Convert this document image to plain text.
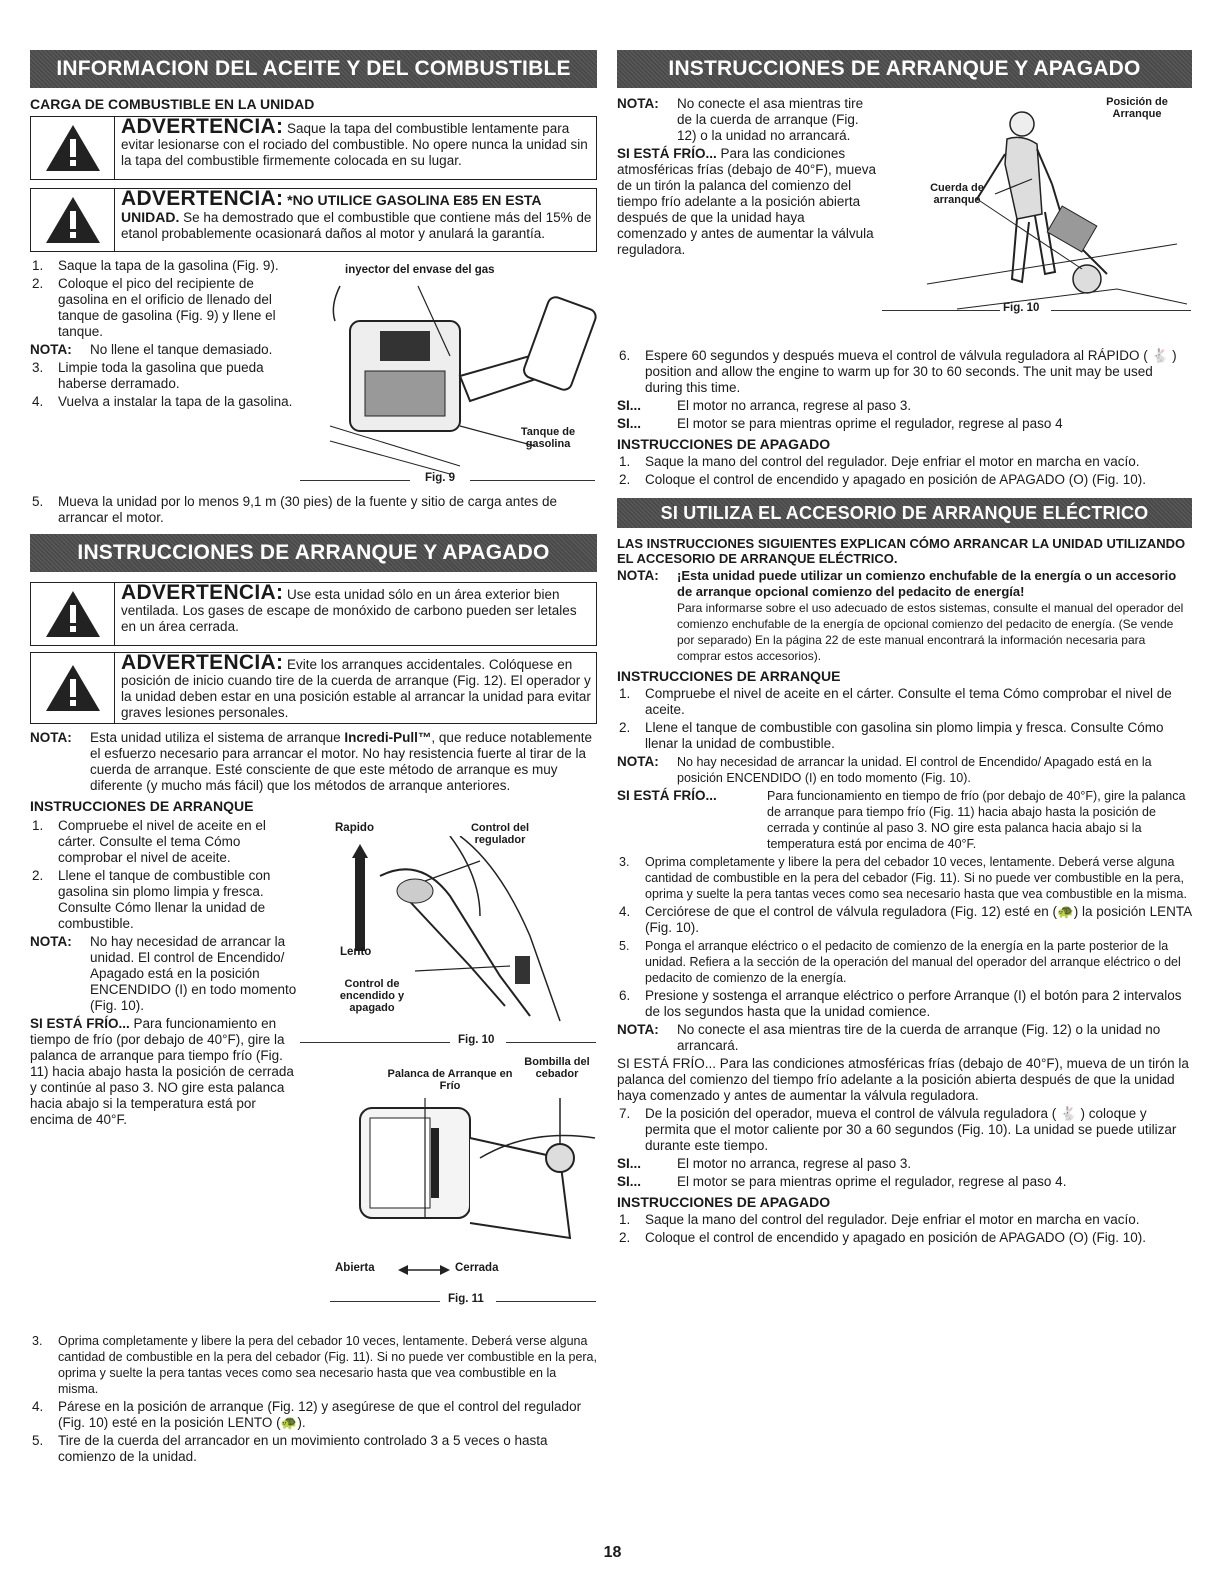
INFORMACION DEL ACEITE Y DEL COMBUSTIBLE
CARGA DE COMBUSTIBLE EN LA UNIDAD
ADVERTENCIA: Saque la tapa del combustible lentamente para evitar lesionarse con el rociado del combustible. No opere nunca la unidad sin la tapa del combustible firmemente colocada en su lugar.
ADVERTENCIA: *NO UTILICE GASOLINA E85 EN ESTA UNIDAD. Se ha demostrado que el combustible que contiene más del 15% de etanol probablemente ocasionará daños al motor y anulará la garantía.

1.	Saque la tapa de la gasolina (Fig. 9).

2.	Coloque el pico del recipiente de gasolina en el orificio de llenado del tanque de gasolina (Fig. 9) y llene el tanque.

NOTA:	No llene el tanque demasiado.

3.	Limpie toda la gasolina que pueda haberse derramado.

4.	Vuelva a instalar la tapa de la gasolina.

inyector del envase del gas
Tanque de gasolina
Fig. 9

5.	Mueva la unidad por lo menos 9,1 m (30 pies) de la fuente y sitio de carga antes de arrancar el motor.

INSTRUCCIONES DE ARRANQUE Y APAGADO
ADVERTENCIA: Use esta unidad sólo en un área exterior bien ventilada. Los gases de escape de monóxido de carbono pueden ser letales en un área cerrada.
ADVERTENCIA: Evite los arranques accidentales. Colóquese en posición de inicio cuando tire de la cuerda de arranque (Fig. 12). El operador y la unidad deben estar en una posición estable al arrancar la unidad para evitar graves lesiones personales.

NOTA:	Esta unidad utiliza el sistema de arranque Incredi-Pull™, que reduce notablemente el esfuerzo necesario para arrancar el motor. No hay resistencia fuerte al tirar de la cuerda de arranque. Esté consciente de que este método de arranque es muy diferente (y mucho más fácil) que los métodos de arranque anteriores.

INSTRUCCIONES DE ARRANQUE

1.	Compruebe el nivel de aceite en el cárter. Consulte el tema Cómo comprobar el nivel de aceite.

2.	Llene el tanque de combustible con gasolina sin plomo limpia y fresca. Consulte Cómo llenar la unidad de combustible.

NOTA:	No hay necesidad de arrancar la unidad. El control de Encendido/ Apagado está en la posición ENCENDIDO (I) en todo momento (Fig. 10).

SI ESTÁ FRÍO... Para funcionamiento en tiempo de frío (por debajo de 40°F), gire la palanca de arranque para tiempo frío (Fig. 11) hacia abajo hasta la posición de cerrada y continúe al paso 3. NO gire esta palanca hacia abajo si la temperatura está por encima de 40°F.

Rapido	Control del regulador
Lento
Control de encendido y apagado
Fig. 10
Palanca de Arranque en Frío
Bombilla del cebador
Abierta	Cerrada
Fig. 11

3.	Oprima completamente y libere la pera del cebador 10 veces, lentamente. Deberá verse alguna cantidad de combustible en la pera del cebador (Fig. 11). Si no puede ver combustible en la pera, oprima y suelte la pera tantas veces como sea necesario hasta que vea combustible en la misma.

4.	Párese en la posición de arranque (Fig. 12) y asegúrese de que el control del regulador (Fig. 10) esté en la posición LENTO (🐢).

5.	Tire de la cuerda del arrancador en un movimiento controlado 3 a 5 veces o hasta comienzo de la unidad.

INSTRUCCIONES DE ARRANQUE Y APAGADO

NOTA:	No conecte el asa mientras tire de la cuerda de arranque (Fig. 12) o la unidad no arrancará.

SI ESTÁ FRÍO... Para las condiciones atmosféricas frías (debajo de 40°F), mueva de un tirón la palanca del comienzo del tiempo frío adelante a la posición abierta después de que la unidad haya comenzado y antes de aumentar la válvula reguladora.

Posición de Arranque
Cuerda de arranque
Fig. 10

6.	Espere 60 segundos y después mueva el control de válvula reguladora al RÁPIDO ( 🐇 ) position and allow the engine to warm up for 30 to 60 seconds. The unit may be used during this time.

SI...	El motor no arranca, regrese al paso 3.

SI...	El motor se para mientras oprime el regulador, regrese al paso 4

INSTRUCCIONES DE APAGADO

1.	Saque la mano del control del regulador. Deje enfriar el motor en marcha en vacío.

2.	Coloque el control de encendido y apagado en posición de APAGADO (O) (Fig. 10).

SI UTILIZA EL ACCESORIO DE ARRANQUE ELÉCTRICO
LAS INSTRUCCIONES SIGUIENTES EXPLICAN CÓMO ARRANCAR LA UNIDAD UTILIZANDO EL ACCESORIO DE ARRANQUE ELÉCTRICO.

NOTA:	¡Esta unidad puede utilizar un comienzo enchufable de la energía o un accesorio de arranque opcional comienzo del pedacito de energía!
Para informarse sobre el uso adecuado de estos sistemas, consulte el manual del operador del comienzo enchufable de la energía de opcional comienzo del pedacito de energía. (Se vende por separado) En la página 22 de este manual encontrará la información necesaria para comprar estos accesorios).

INSTRUCCIONES DE ARRANQUE

1.	Compruebe el nivel de aceite en el cárter. Consulte el tema Cómo comprobar el nivel de aceite.

2.	Llene el tanque de combustible con gasolina sin plomo limpia y fresca. Consulte Cómo llenar la unidad de combustible.

NOTA:	No hay necesidad de arrancar la unidad. El control de Encendido/ Apagado está en la posición ENCENDIDO (I) en todo momento (Fig. 10).

SI ESTÁ FRÍO...	Para funcionamiento en tiempo de frío (por debajo de 40°F), gire la palanca de arranque para tiempo frío (Fig. 11) hacia abajo hasta la posición de cerrada y continúe al paso 3. NO gire esta palanca hacia abajo si la temperatura está por encima de 40°F.

3.	Oprima completamente y libere la pera del cebador 10 veces, lentamente. Deberá verse alguna cantidad de combustible en la pera del cebador (Fig. 11). Si no puede ver combustible en la pera, oprima y suelte la pera tantas veces como sea necesario hasta que vea combustible en la misma.

4.	Cerciórese de que el control de válvula reguladora (Fig. 12) esté en (🐢) la posición LENTA (Fig. 10).

5.	Ponga el arranque eléctrico o el pedacito de comienzo de la energía en la parte posterior de la unidad. Refiera a la sección de la operación del manual del operador del arranque eléctrico o del pedacito de comienzo de la energía.

6.	Presione y sostenga el arranque eléctrico o perfore Arranque (I) el botón para 2 intervalos de los segundos hasta que la unidad comience.

NOTA:	No conecte el asa mientras tire de la cuerda de arranque (Fig. 12) o la unidad no arrancará.

SI ESTÁ FRÍO... Para las condiciones atmosféricas frías (debajo de 40°F), mueva de un tirón la palanca del comienzo del tiempo frío adelante a la posición abierta después de que la unidad haya comenzado y antes de aumentar la válvula reguladora.

7.	De la posición del operador, mueva el control de válvula reguladora ( 🐇 ) coloque y permita que el motor caliente por 30 a 60 segundos (Fig. 10). La unidad se puede utilizar durante este tiempo.

SI...	El motor no arranca, regrese al paso 3.

SI...	El motor se para mientras oprime el regulador, regrese al paso 4.

INSTRUCCIONES DE APAGADO

1.	Saque la mano del control del regulador. Deje enfriar el motor en marcha en vacío.

2.	Coloque el control de encendido y apagado en posición de APAGADO (O) (Fig. 10).

18
